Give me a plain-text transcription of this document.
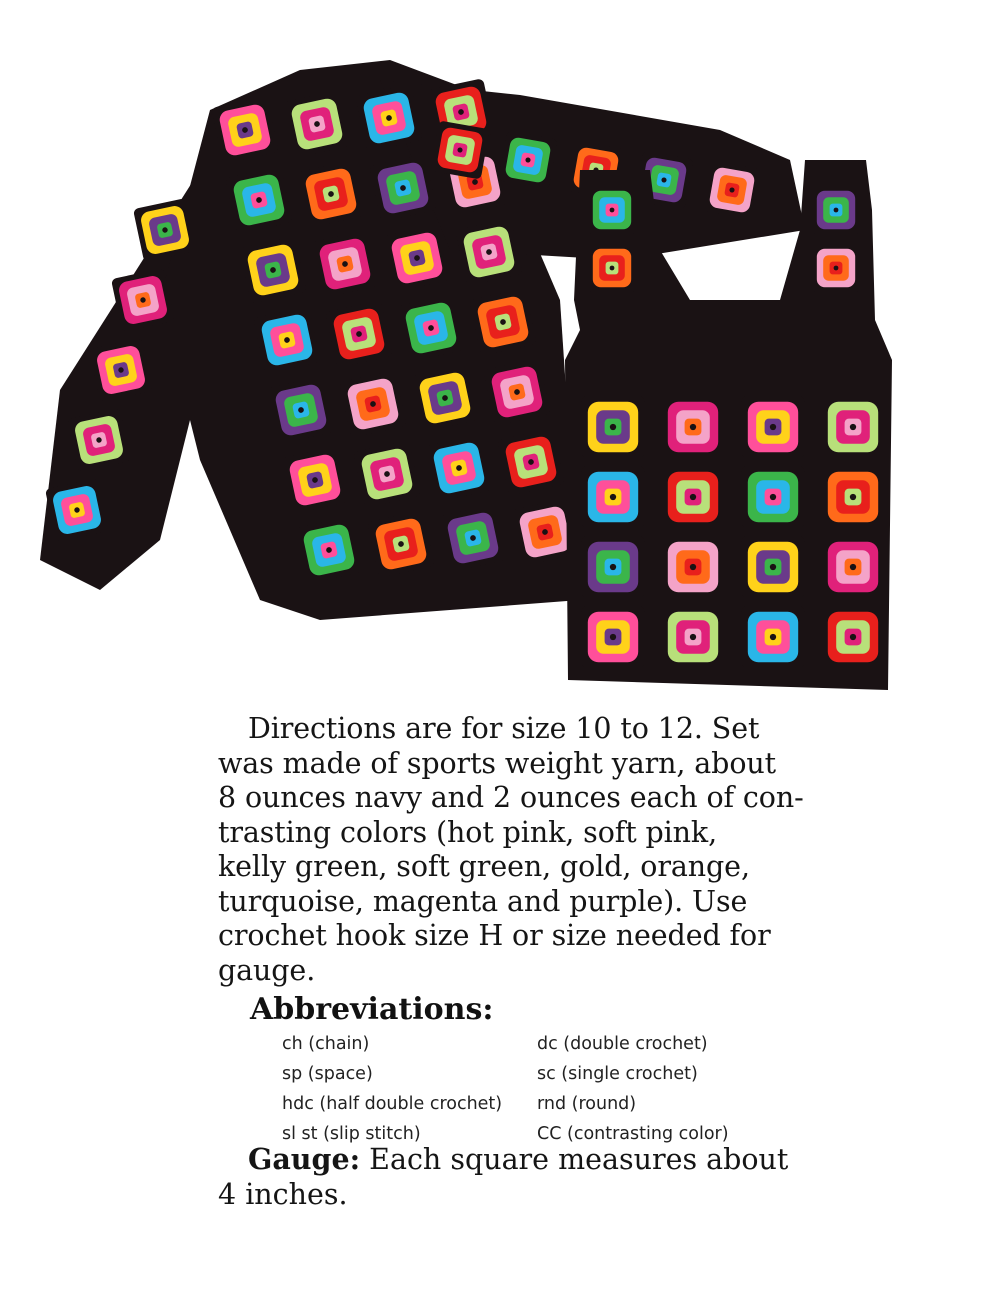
Directions are for size 10 to 12. Set
was made of sports weight yarn, about
8 ounces navy and 2 ounces each of con-
trasting colors (hot pink, soft pink,
kelly green, soft green, gold, orange,
turquoise, magenta and purple). Use
crochet hook size H or size needed for
gauge.
Abbreviations:
ch (chain)	dc (double crochet)
sp (space)	sc (single crochet)
hdc (half double crochet) rnd (round)
sl st (slip stitch)	CC (contrasting color)
Gauge: Each square measures about
4 inches.
